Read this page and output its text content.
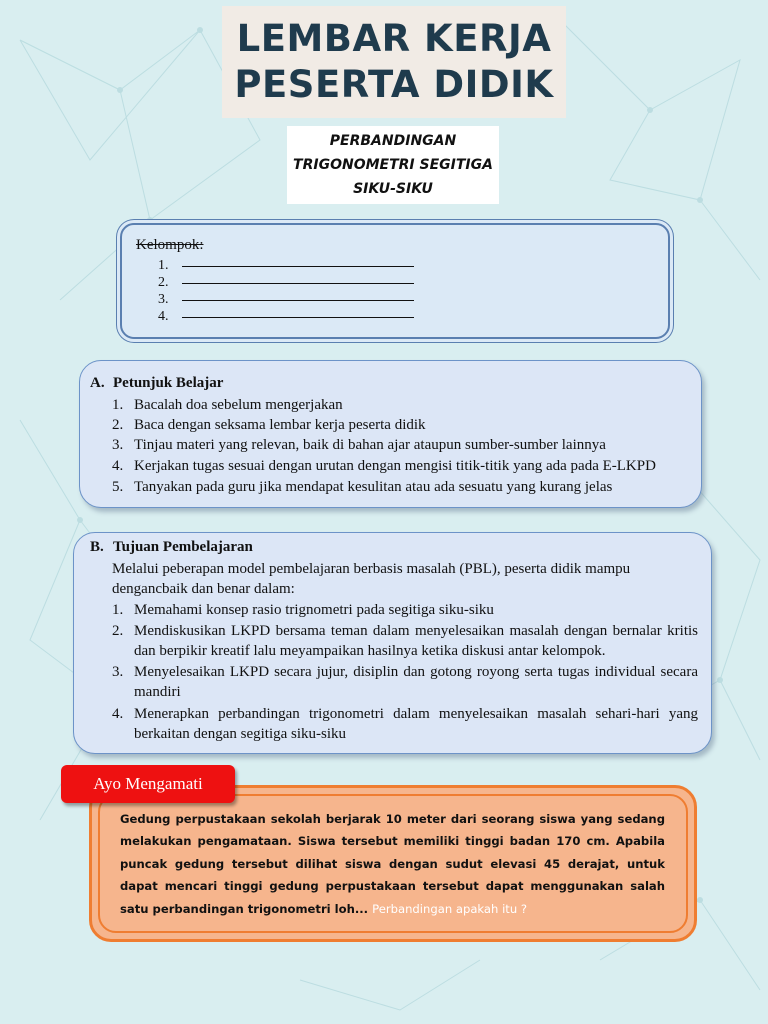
LEMBAR KERJA
PESERTA DIDIK
PERBANDINGAN
TRIGONOMETRI SEGITIGA
SIKU-SIKU
Kelompok:
1.
2.
3.
4.
A. Petunjuk Belajar
1. Bacalah doa sebelum mengerjakan
2. Baca dengan seksama lembar kerja peserta didik
3. Tinjau materi yang relevan, baik di bahan ajar ataupun sumber-sumber lainnya
4. Kerjakan tugas sesuai dengan urutan dengan mengisi titik-titik yang ada pada E-LKPD
5. Tanyakan pada guru jika mendapat kesulitan atau ada sesuatu yang kurang jelas
B. Tujuan Pembelajaran
Melalui peberapan model pembelajaran berbasis masalah (PBL), peserta didik mampu
dengancbaik dan benar dalam:
1. Memahami konsep rasio trignometri pada segitiga siku-siku
2. Mendiskusikan LKPD bersama teman dalam menyelesaikan masalah dengan bernalar kritis dan berpikir kreatif lalu meyampaikan hasilnya ketika diskusi antar kelompok.
3. Menyelesaikan LKPD secara jujur, disiplin dan gotong royong serta tugas individual secara mandiri
4. Menerapkan perbandingan trigonometri dalam menyelesaikan masalah sehari-hari yang berkaitan dengan segitiga siku-siku
Ayo Mengamati
Gedung perpustakaan sekolah berjarak 10 meter dari seorang siswa yang sedang melakukan pengamataan. Siswa tersebut memiliki tinggi badan 170 cm. Apabila puncak gedung tersebut dilihat siswa dengan sudut elevasi 45 derajat, untuk dapat mencari tinggi gedung perpustakaan tersebut dapat menggunakan salah satu perbandingan trigonometri loh... Perbandingan apakah itu ?
